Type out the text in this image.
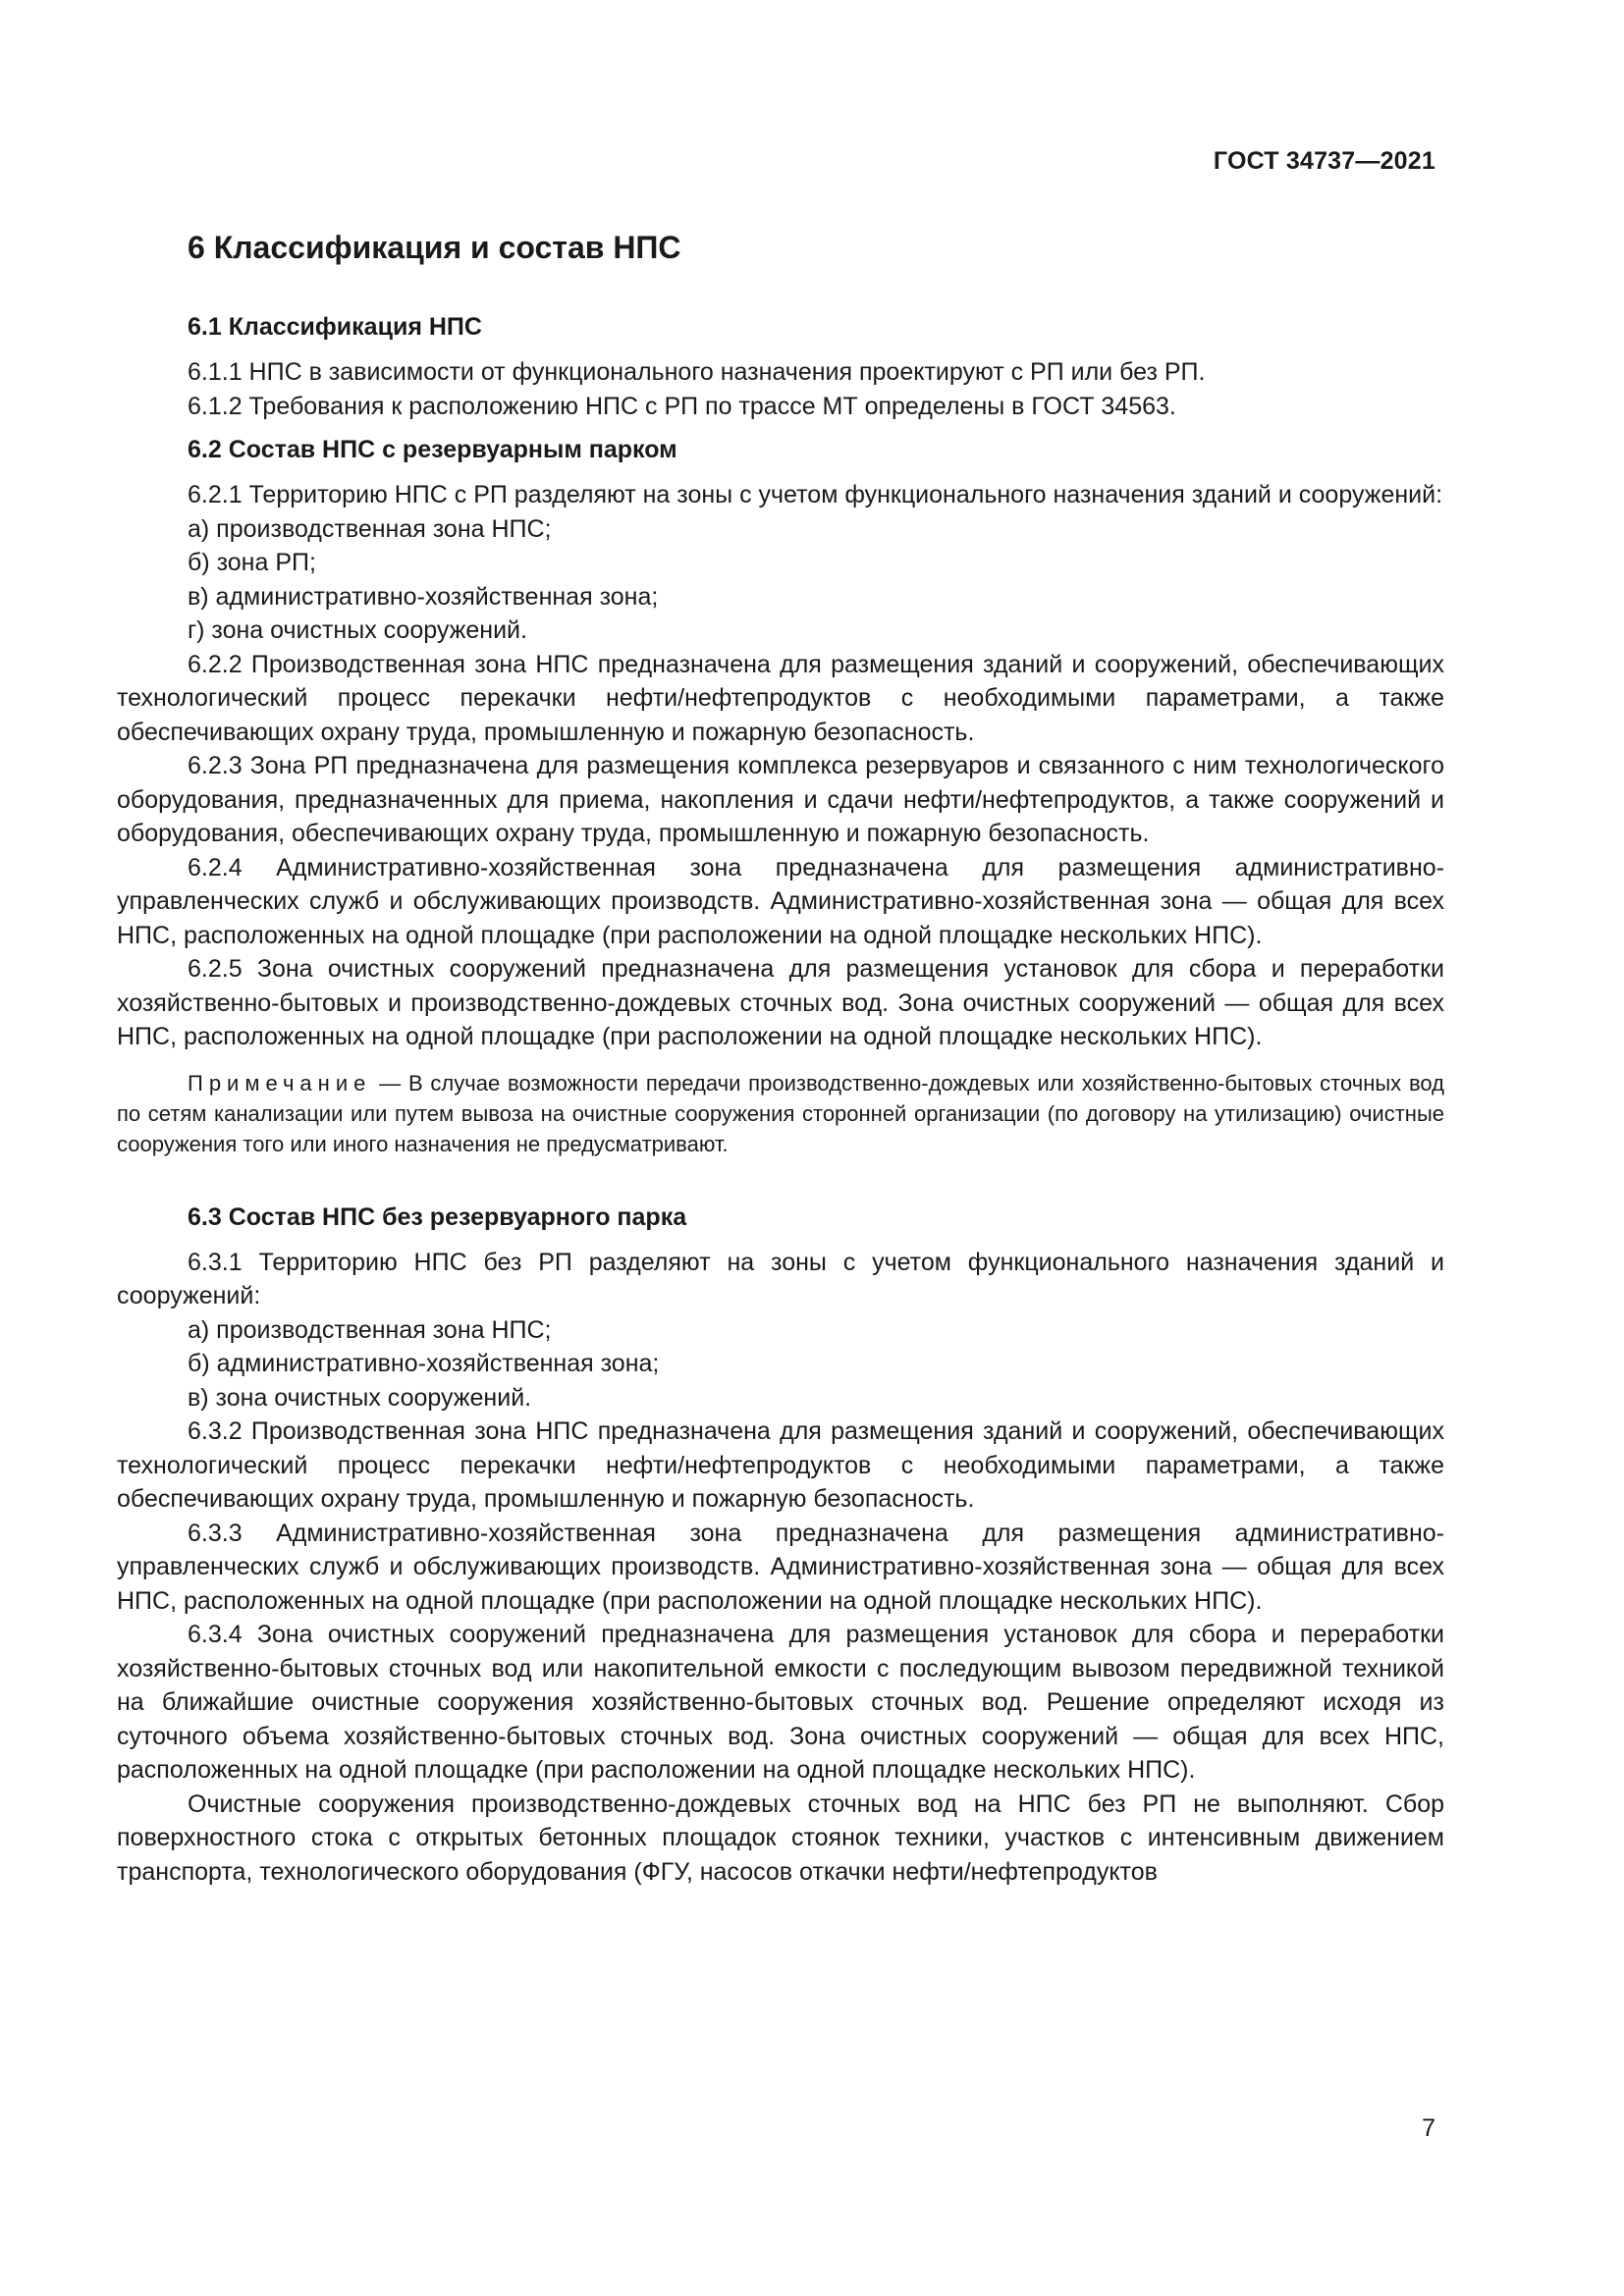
ГОСТ 34737—2021
6 Классификация и состав НПС
6.1 Классификация НПС

6.1.1 НПС в зависимости от функционального назначения проектируют с РП или без РП.

6.1.2 Требования к расположению НПС с РП по трассе МТ определены в ГОСТ 34563.

6.2 Состав НПС с резервуарным парком

6.2.1 Территорию НПС с РП разделяют на зоны с учетом функционального назначения зданий и сооружений:

а) производственная зона НПС;

б) зона РП;

в) административно-хозяйственная зона;

г) зона очистных сооружений.

6.2.2 Производственная зона НПС предназначена для размещения зданий и сооружений, обеспечивающих технологический процесс перекачки нефти/нефтепродуктов с необходимыми параметрами, а также обеспечивающих охрану труда, промышленную и пожарную безопасность.

6.2.3 Зона РП предназначена для размещения комплекса резервуаров и связанного с ним технологического оборудования, предназначенных для приема, накопления и сдачи нефти/нефтепродуктов, а также сооружений и оборудования, обеспечивающих охрану труда, промышленную и пожарную безопасность.

6.2.4 Административно-хозяйственная зона предназначена для размещения административно-управленческих служб и обслуживающих производств. Административно-хозяйственная зона — общая для всех НПС, расположенных на одной площадке (при расположении на одной площадке нескольких НПС).

6.2.5 Зона очистных сооружений предназначена для размещения установок для сбора и переработки хозяйственно-бытовых и производственно-дождевых сточных вод. Зона очистных сооружений — общая для всех НПС, расположенных на одной площадке (при расположении на одной площадке нескольких НПС).

Примечание — В случае возможности передачи производственно-дождевых или хозяйственно-бытовых сточных вод по сетям канализации или путем вывоза на очистные сооружения сторонней организации (по договору на утилизацию) очистные сооружения того или иного назначения не предусматривают.
6.3 Состав НПС без резервуарного парка

6.3.1 Территорию НПС без РП разделяют на зоны с учетом функционального назначения зданий и сооружений:

а) производственная зона НПС;

б) административно-хозяйственная зона;

в) зона очистных сооружений.

6.3.2 Производственная зона НПС предназначена для размещения зданий и сооружений, обеспечивающих технологический процесс перекачки нефти/нефтепродуктов с необходимыми параметрами, а также обеспечивающих охрану труда, промышленную и пожарную безопасность.

6.3.3 Административно-хозяйственная зона предназначена для размещения административно-управленческих служб и обслуживающих производств. Административно-хозяйственная зона — общая для всех НПС, расположенных на одной площадке (при расположении на одной площадке нескольких НПС).

6.3.4 Зона очистных сооружений предназначена для размещения установок для сбора и переработки хозяйственно-бытовых сточных вод или накопительной емкости с последующим вывозом передвижной техникой на ближайшие очистные сооружения хозяйственно-бытовых сточных вод. Решение определяют исходя из суточного объема хозяйственно-бытовых сточных вод. Зона очистных сооружений — общая для всех НПС, расположенных на одной площадке (при расположении на одной площадке нескольких НПС).

Очистные сооружения производственно-дождевых сточных вод на НПС без РП не выполняют. Сбор поверхностного стока с открытых бетонных площадок стоянок техники, участков с интенсивным движением транспорта, технологического оборудования (ФГУ, насосов откачки нефти/нефтепродуктов

7
